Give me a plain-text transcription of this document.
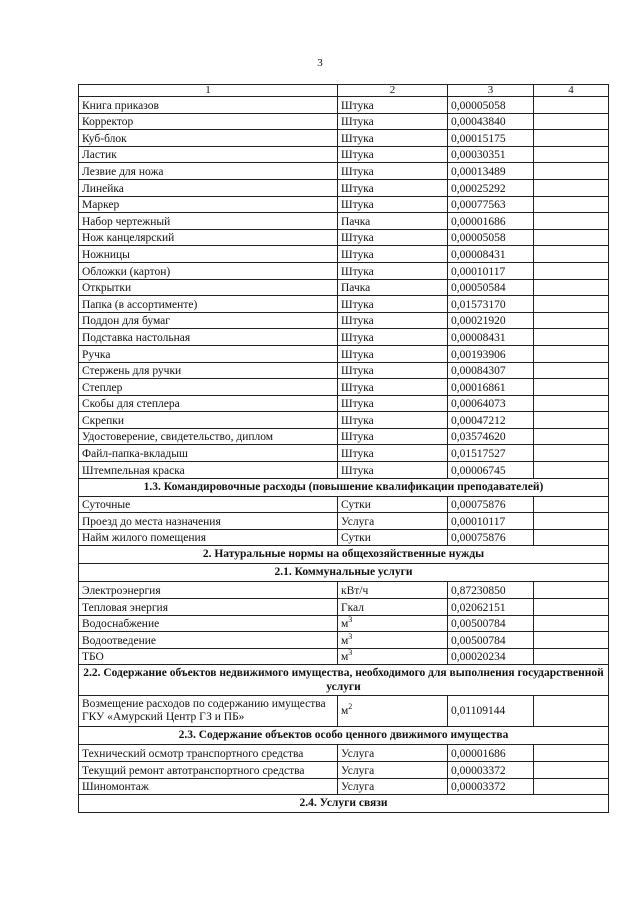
3
1	2	3	4
Книга приказов	Штука	0,00005058	
Корректор	Штука	0,00043840	
Куб-блок	Штука	0,00015175	
Ластик	Штука	0,00030351	
Лезвие для ножа	Штука	0,00013489	
Линейка	Штука	0,00025292	
Маркер	Штука	0,00077563	
Набор чертежный	Пачка	0,00001686	
Нож канцелярский	Штука	0,00005058	
Ножницы	Штука	0,00008431	
Обложки (картон)	Штука	0,00010117	
Открытки	Пачка	0,00050584	
Папка (в ассортименте)	Штука	0,01573170	
Поддон для бумаг	Штука	0,00021920	
Подставка настольная	Штука	0,00008431	
Ручка	Штука	0,00193906	
Стержень для ручки	Штука	0,00084307	
Степлер	Штука	0,00016861	
Скобы для степлера	Штука	0,00064073	
Скрепки	Штука	0,00047212	
Удостоверение, свидетельство, диплом	Штука	0,03574620	
Файл-папка-вкладыш	Штука	0,01517527	
Штемпельная краска	Штука	0,00006745	
1.3. Командировочные расходы (повышение квалификации преподавателей)			
Суточные	Сутки	0,00075876	
Проезд до места назначения	Услуга	0,00010117	
Найм жилого помещения	Сутки	0,00075876	
2. Натуральные нормы на общехозяйственные нужды			
2.1. Коммунальные услуги			
Электроэнергия	кВт/ч	0,87230850	
Тепловая энергия	Гкал	0,02062151	
Водоснабжение	$м^3$	0,00500784	
Водоотведение	$м^3$	0,00500784	
ТБО	$м^3$	0,00020234	
2.2. Содержание объектов недвижимого имущества, необходимого для выполнения государственной услуги			
Возмещение расходов по содержанию имущества ГКУ «Амурский Центр ГЗ и ПБ»	$м^2$	0,01109144	
2.3. Содержание объектов особо ценного движимого имущества			
Технический осмотр транспортного средства	Услуга	0,00001686	
Текущий ремонт автотранспортного средства	Услуга	0,00003372	
Шиномонтаж	Услуга	0,00003372	
2.4. Услуги связи			
